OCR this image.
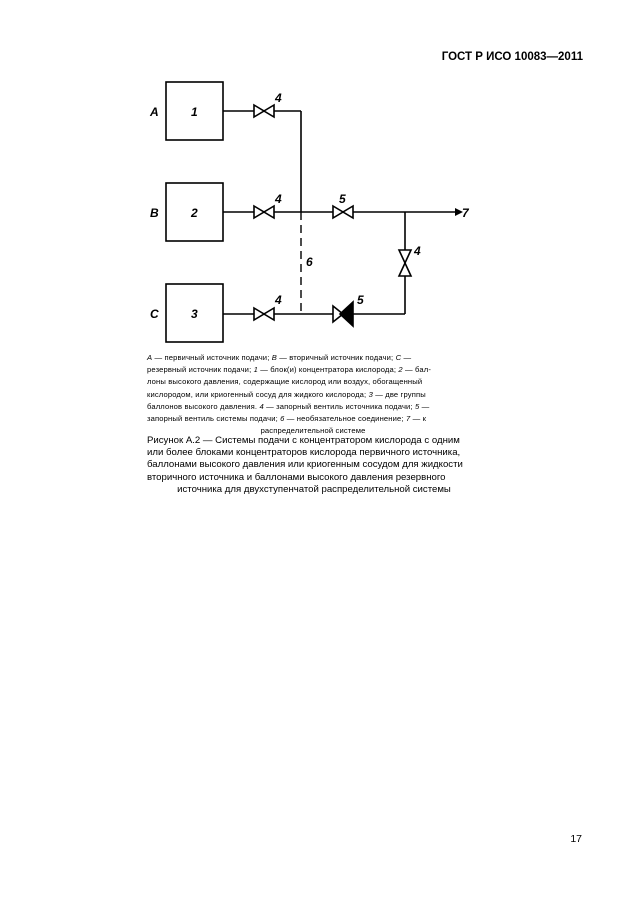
ГОСТ Р ИСО 10083—2011
A
B
C
1
2
3
4
4
4
5
4
5
6
7
A — первичный источник подачи; B — вторичный источник подачи; C —
резервный источник подачи; 1 — блок(и) концентратора кислорода; 2 — бал-
лоны высокого давления, содержащие кислород или воздух, обогащенный
кислородом, или криогенный сосуд для жидкого кислорода; 3 — две группы
баллонов высокого давления. 4 — запорный вентиль источника подачи; 5 —
запорный вентиль системы подачи; 6 — необязательное соединение; 7 — к
распределительной системе
Рисунок А.2 — Системы подачи с концентратором кислорода с одним
или более блоками концентраторов кислорода первичного источника,
баллонами высокого давления или криогенным сосудом для жидкости
вторичного источника и баллонами высокого давления резервного
источника для двухступенчатой распределительной системы
17
